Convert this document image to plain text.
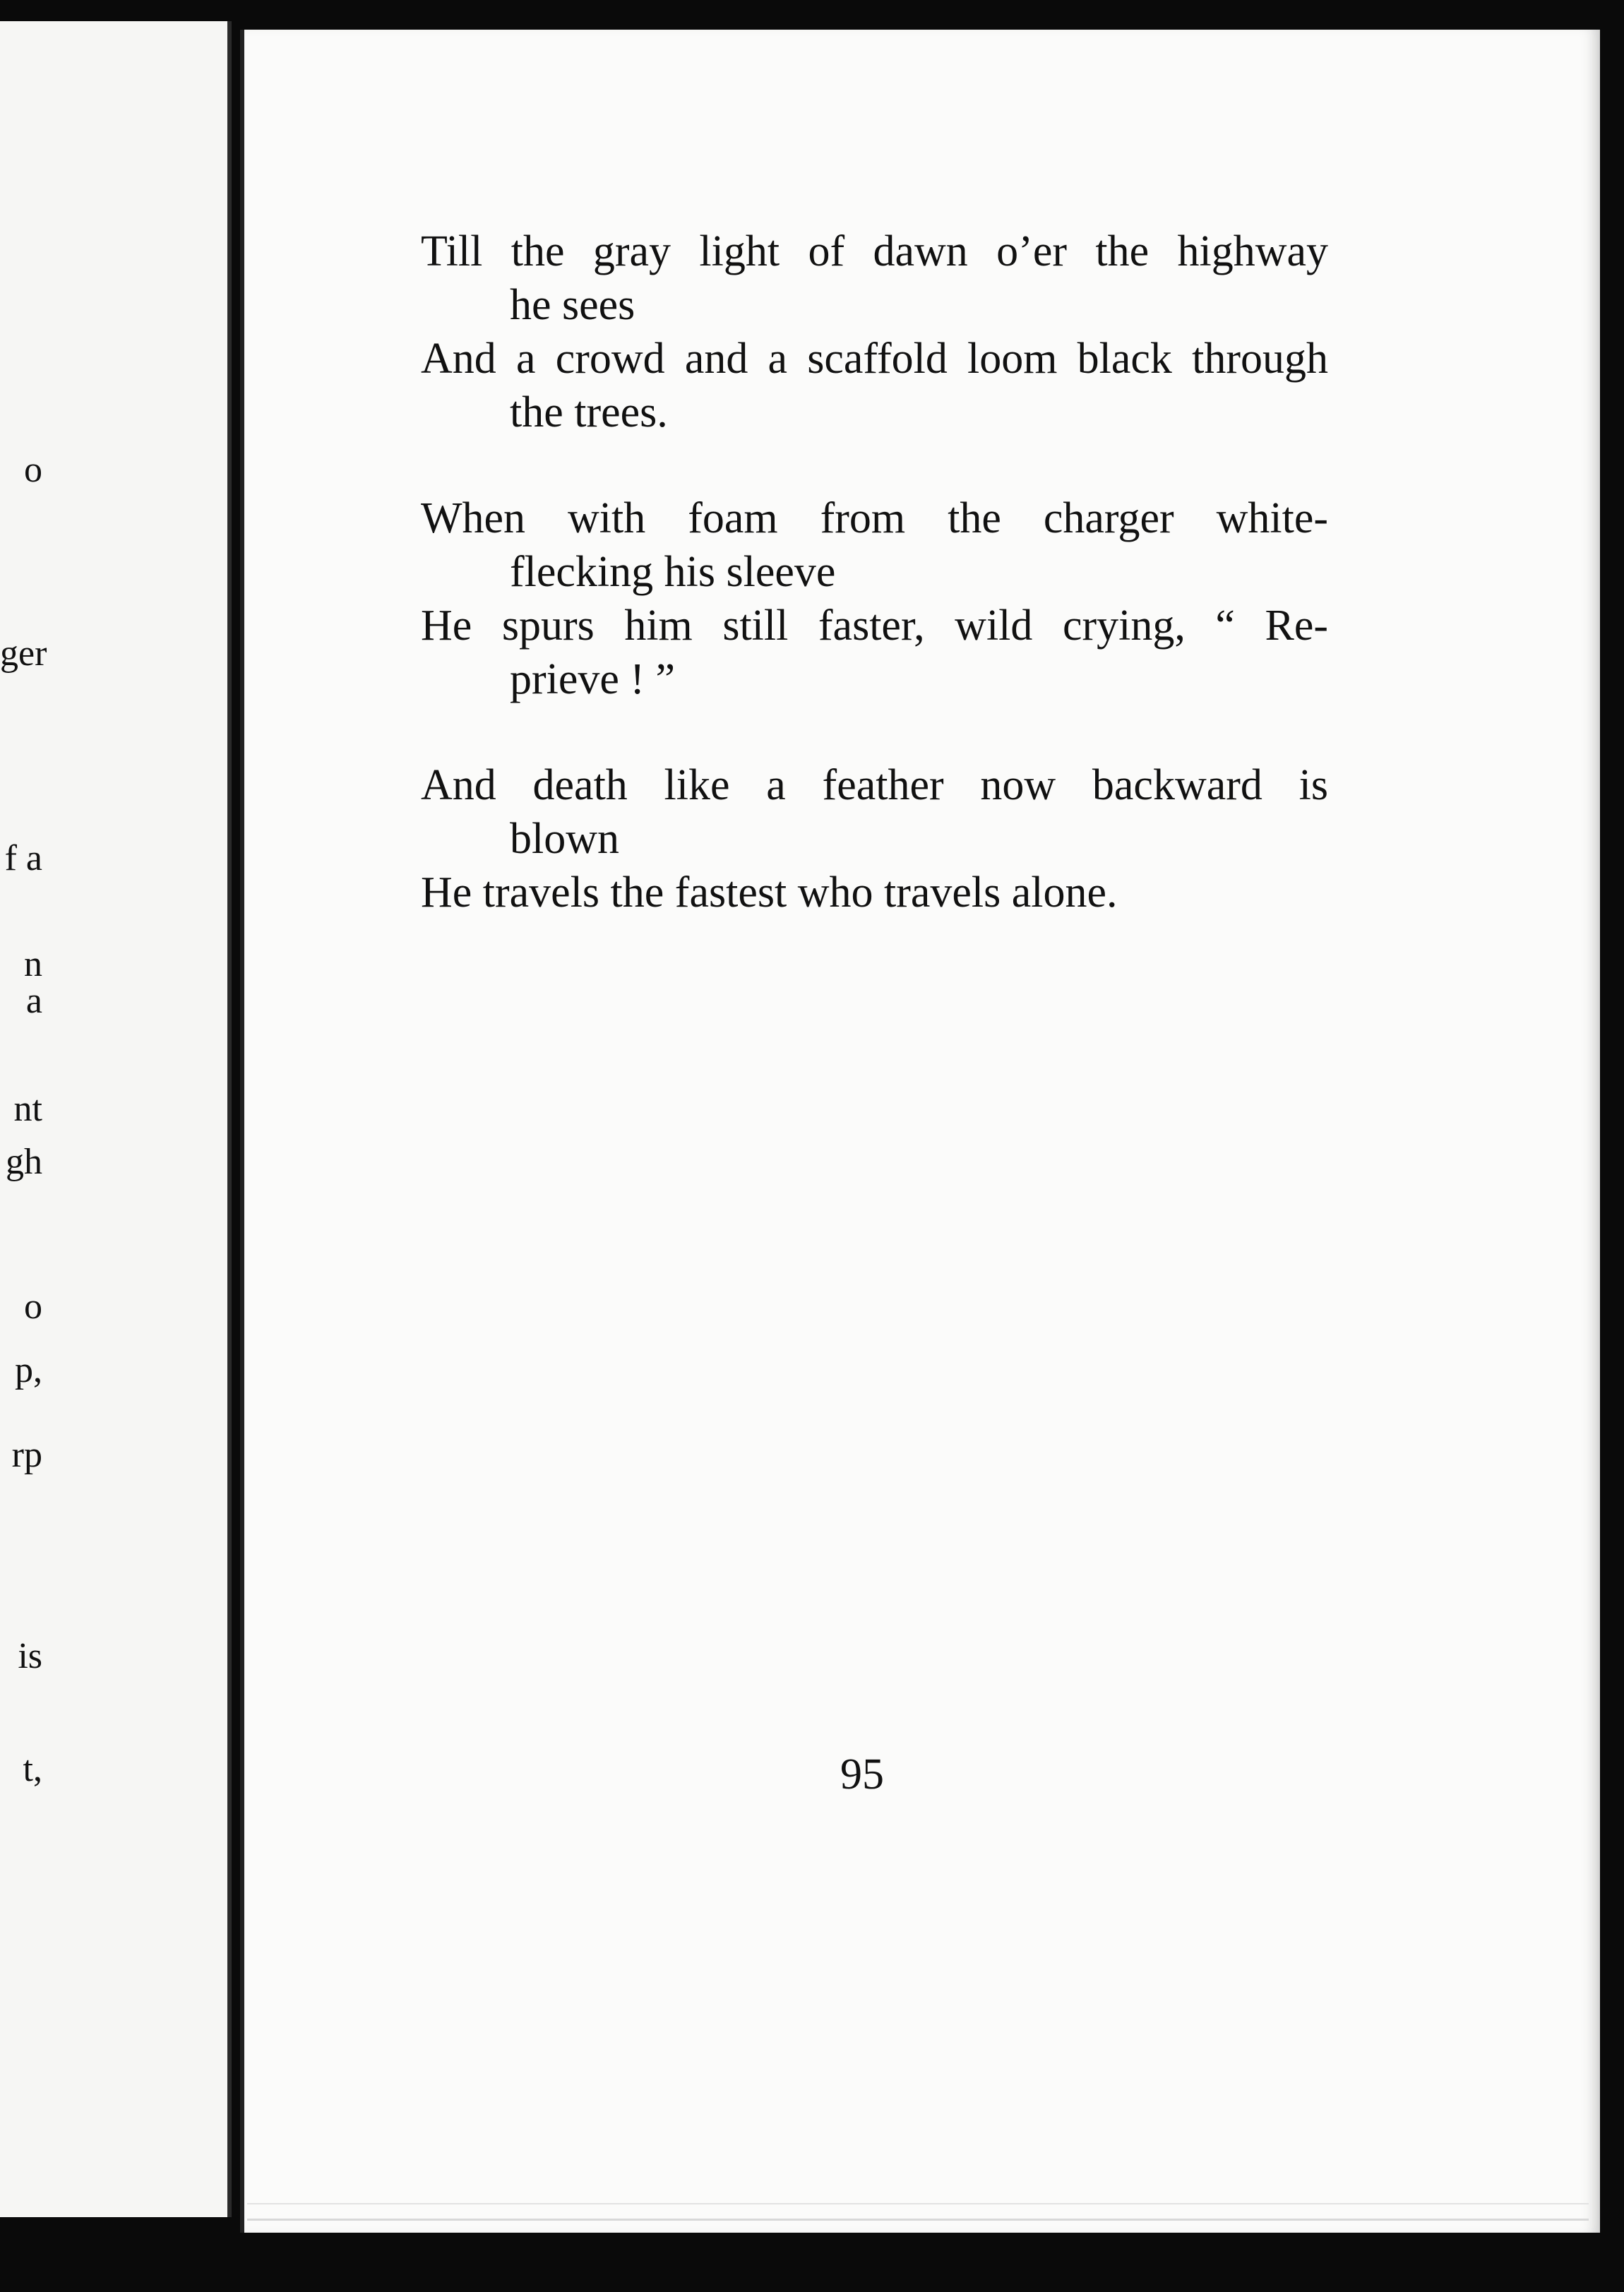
o
ger
f a
n a
nt
gh
o
p,
rp
is
t,
Till the gray light of dawn o’er the highway
he sees
And a crowd and a scaffold loom black through
the trees.
When with foam from the charger white-
flecking his sleeve
He spurs him still faster, wild crying, “ Re-
prieve ! ”
And death like a feather now backward is
blown
He travels the fastest who travels alone.
95
